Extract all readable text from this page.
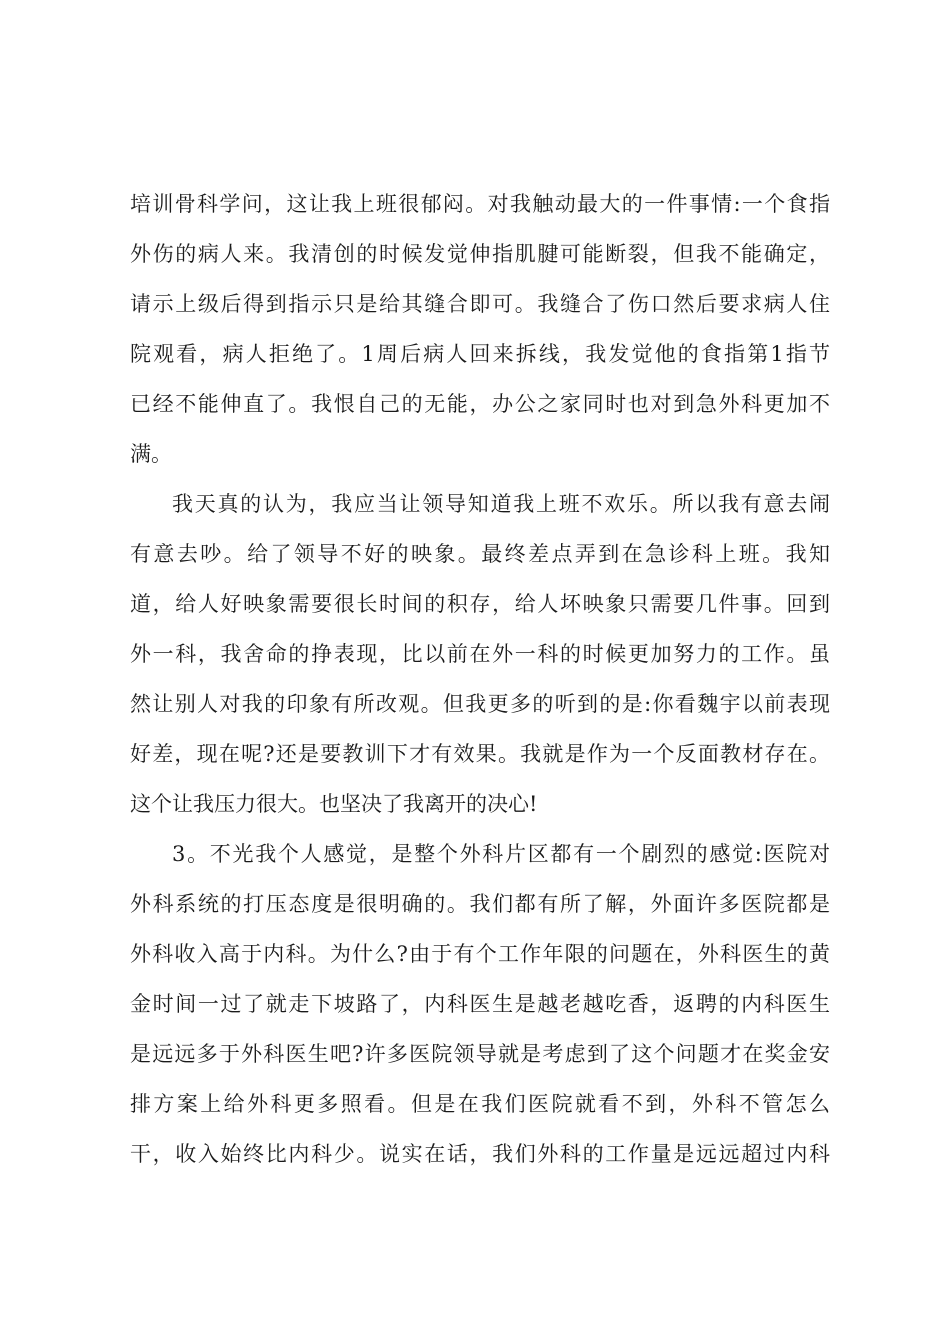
培训骨科学问，这让我上班很郁闷。对我触动最大的一件事情:一个食指
外伤的病人来。我清创的时候发觉伸指肌腱可能断裂，但我不能确定，
请示上级后得到指示只是给其缝合即可。我缝合了伤口然后要求病人住
院观看，病人拒绝了。1周后病人回来拆线，我发觉他的食指第1指节
已经不能伸直了。我恨自己的无能，办公之家同时也对到急外科更加不
满。
我天真的认为，我应当让领导知道我上班不欢乐。所以我有意去闹
有意去吵。给了领导不好的映象。最终差点弄到在急诊科上班。我知
道，给人好映象需要很长时间的积存，给人坏映象只需要几件事。回到
外一科，我舍命的挣表现，比以前在外一科的时候更加努力的工作。虽
然让别人对我的印象有所改观。但我更多的听到的是:你看魏宇以前表现
好差，现在呢?还是要教训下才有效果。我就是作为一个反面教材存在。
这个让我压力很大。也坚决了我离开的决心!
3。不光我个人感觉，是整个外科片区都有一个剧烈的感觉:医院对
外科系统的打压态度是很明确的。我们都有所了解，外面许多医院都是
外科收入高于内科。为什么?由于有个工作年限的问题在，外科医生的黄
金时间一过了就走下坡路了，内科医生是越老越吃香，返聘的内科医生
是远远多于外科医生吧?许多医院领导就是考虑到了这个问题才在奖金安
排方案上给外科更多照看。但是在我们医院就看不到，外科不管怎么
干，收入始终比内科少。说实在话，我们外科的工作量是远远超过内科
